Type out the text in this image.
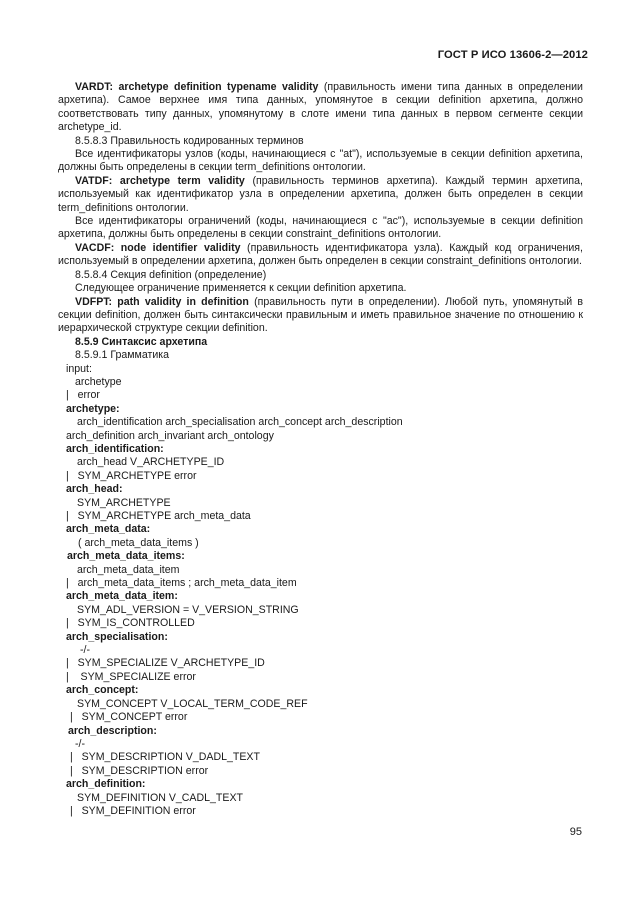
ГОСТ Р ИСО 13606-2—2012
VARDT: archetype definition typename validity (правильность имени типа данных в определении архетипа). Самое верхнее имя типа данных, упомянутое в секции definition архетипа, должно соответствовать типу данных, упомянутому в слоте имени типа данных в первом сегменте секции archetype_id.
8.5.8.3 Правильность кодированных терминов
Все идентификаторы узлов (коды, начинающиеся с "at"), используемые в секции definition архетипа, должны быть определены в секции term_definitions онтологии.
VATDF: archetype term validity (правильность терминов архетипа). Каждый термин архетипа, используемый как идентификатор узла в определении архетипа, должен быть определен в секции term_definitions онтологии.
Все идентификаторы ограничений (коды, начинающиеся с "ac"), используемые в секции definition архетипа, должны быть определены в секции constraint_definitions онтологии.
VACDF: node identifier validity (правильность идентификатора узла). Каждый код ограничения, используемый в определении архетипа, должен быть определен в секции constraint_definitions онтологии.
8.5.8.4 Секция definition (определение)
Следующее ограничение применяется к секции definition архетипа.
VDFPT: path validity in definition (правильность пути в определении). Любой путь, упомянутый в секции definition, должен быть синтаксически правильным и иметь правильное значение по отношению к иерархической структуре секции definition.
8.5.9 Синтаксис архетипа
8.5.9.1 Грамматика
input:
archetype
|   error
archetype:
arch_identification arch_specialisation arch_concept arch_description
arch_definition arch_invariant arch_ontology
arch_identification:
arch_head V_ARCHETYPE_ID
|   SYM_ARCHETYPE error
arch_head:
SYM_ARCHETYPE
|   SYM_ARCHETYPE arch_meta_data
arch_meta_data:
( arch_meta_data_items )
arch_meta_data_items:
arch_meta_data_item
|   arch_meta_data_items ; arch_meta_data_item
arch_meta_data_item:
SYM_ADL_VERSION = V_VERSION_STRING
|   SYM_IS_CONTROLLED
arch_specialisation:
-/-
|   SYM_SPECIALIZE V_ARCHETYPE_ID
|    SYM_SPECIALIZE error
arch_concept:
SYM_CONCEPT V_LOCAL_TERM_CODE_REF
|   SYM_CONCEPT error
arch_description:
-/-
|   SYM_DESCRIPTION V_DADL_TEXT
|   SYM_DESCRIPTION error
arch_definition:
SYM_DEFINITION V_CADL_TEXT
|   SYM_DEFINITION error
95
